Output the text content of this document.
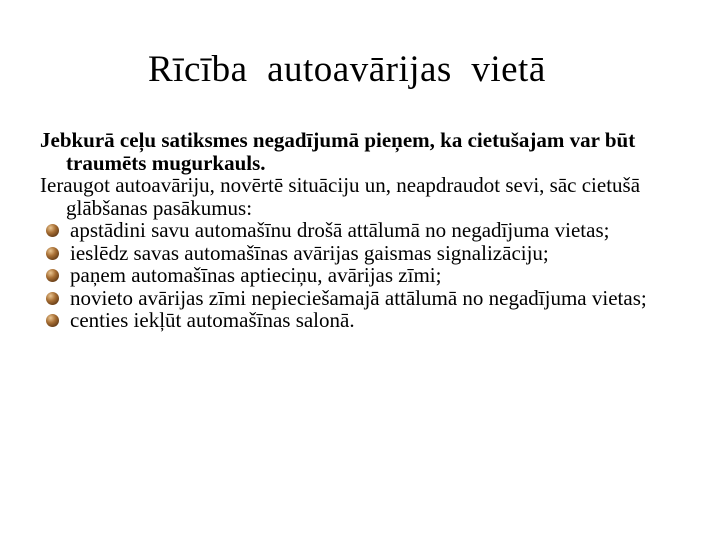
Rīcība  autoavārijas  vietā

Jebkurā ceļu satiksmes negadījumā pieņem, ka cietušajam var būt traumēts mugurkauls.

Ieraugot autoavāriju, novērtē situāciju un, neapdraudot sevi, sāc cietušā glābšanas pasākumus:

apstādini savu automašīnu drošā attālumā no negadījuma vietas;
ieslēdz savas automašīnas avārijas gaismas signalizāciju;
paņem automašīnas aptieciņu, avārijas zīmi;
novieto avārijas zīmi nepieciešamajā attālumā no negadījuma vietas;
centies iekļūt automašīnas salonā.
